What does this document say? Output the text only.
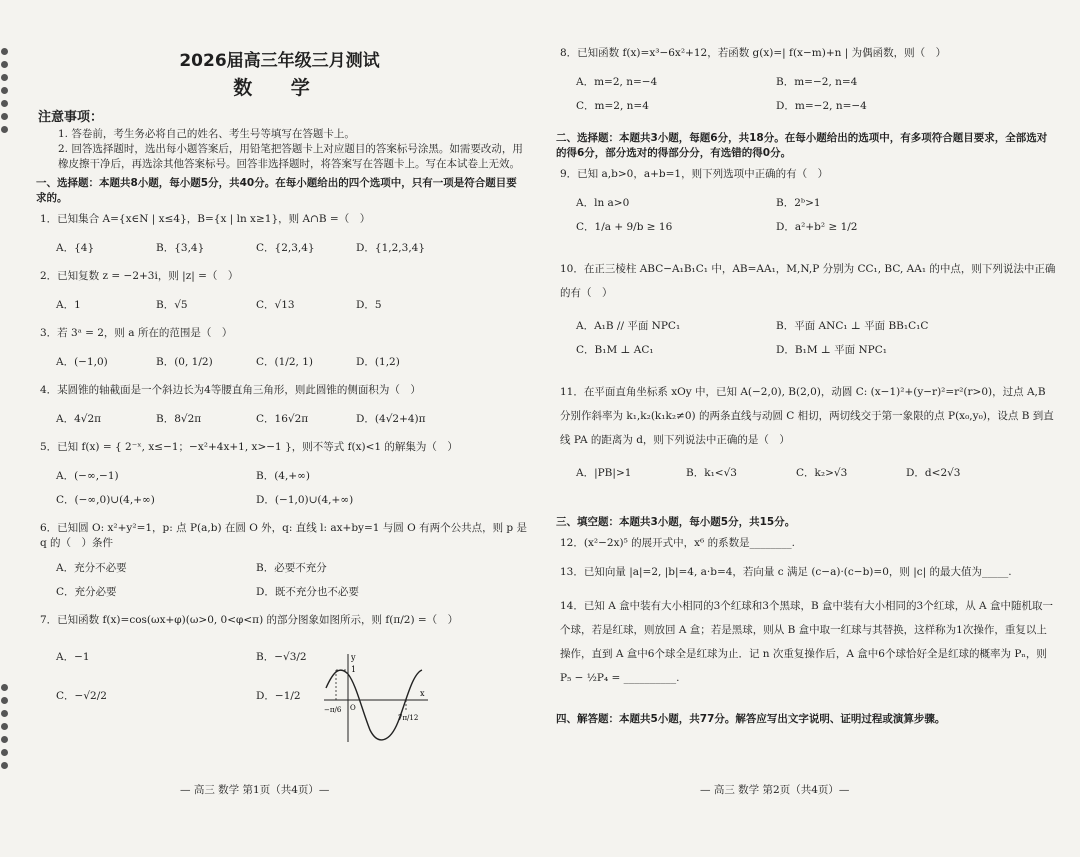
2026届高三年级三月测试
数 学
注意事项：
1. 答卷前，考生务必将自己的姓名、考生号等填写在答题卡上。
2. 回答选择题时，选出每小题答案后，用铅笔把答题卡上对应题目的答案标号涂黑。如需要改动，用橡皮擦干净后，再选涂其他答案标号。回答非选择题时，将答案写在答题卡上。写在本试卷上无效。
一、选择题：本题共8小题，每小题5分，共40分。在每小题给出的四个选项中，只有一项是符合题目要求的。
1．已知集合 A={x∈N | x≤4}，B={x | ln x≥1}，则 A∩B =（　）
A．{4}	B．{3,4}	C．{2,3,4}	D．{1,2,3,4}
2．已知复数 z = −2+3i，则 |z| =（　）
A．1	B．√5	C．√13	D．5
3．若 3ᵃ = 2，则 a 所在的范围是（　）
A．(−1,0)	B．(0, 1/2)	C．(1/2, 1)	D．(1,2)
4．某圆锥的轴截面是一个斜边长为4等腰直角三角形，则此圆锥的侧面积为（　）
A．4√2π	B．8√2π	C．16√2π	D．(4√2+4)π
5．已知 f(x) = { 2⁻ˣ, x≤−1；−x²+4x+1, x>−1 }，则不等式 f(x)<1 的解集为（　）
A．(−∞,−1)	B．(4,+∞)
C．(−∞,0)∪(4,+∞)	D．(−1,0)∪(4,+∞)
6．已知圆 O: x²+y²=1，p: 点 P(a,b) 在圆 O 外，q: 直线 l: ax+by=1 与圆 O 有两个公共点，则 p 是 q 的（　）条件
A．充分不必要	B．必要不充分
C．充分必要	D．既不充分也不必要
7．已知函数 f(x)=cos(ωx+φ)(ω>0, 0<φ<π) 的部分图象如图所示，则 f(π/2) =（　）
A．−1	B．−√3/2
C．−√2/2	D．−1/2
y
1
−π/6 O
7π/12
x
— 高三 数学 第1页（共4页）—
8．已知函数 f(x)=x³−6x²+12，若函数 g(x)=| f(x−m)+n | 为偶函数，则（　）
A．m=2, n=−4	B．m=−2, n=4
C．m=2, n=4	D．m=−2, n=−4
二、选择题：本题共3小题，每题6分，共18分。在每小题给出的选项中，有多项符合题目要求，全部选对的得6分，部分选对的得部分分，有选错的得0分。
9．已知 a,b>0，a+b=1，则下列选项中正确的有（　）
A．ln a>0	B．2ᵇ>1
C．1/a + 9/b ≥ 16	D．a²+b² ≥ 1/2
10．在正三棱柱 ABC−A₁B₁C₁ 中，AB=AA₁，M,N,P 分别为 CC₁, BC, AA₁ 的中点，则下列说法中正确的有（　）
A．A₁B // 平面 NPC₁	B．平面 ANC₁ ⊥ 平面 BB₁C₁C
C．B₁M ⊥ AC₁	D．B₁M ⊥ 平面 NPC₁
11．在平面直角坐标系 xOy 中，已知 A(−2,0), B(2,0)，动圆 C: (x−1)²+(y−r)²=r²(r>0)，过点 A,B 分别作斜率为 k₁,k₂(k₁k₂≠0) 的两条直线与动圆 C 相切，两切线交于第一象限的点 P(x₀,y₀)，设点 B 到直线 PA 的距离为 d，则下列说法中正确的是（　）
A．|PB|>1	B．k₁<√3	C．k₂>√3	D．d<2√3
三、填空题：本题共3小题，每小题5分，共15分。
12．(x²−2x)⁵ 的展开式中，x⁶ 的系数是________.
13．已知向量 |a|=2, |b|=4, a·b=4，若向量 c 满足 (c−a)·(c−b)=0，则 |c| 的最大值为_____.
14．已知 A 盒中装有大小相同的3个红球和3个黑球，B 盒中装有大小相同的3个红球，从 A 盒中随机取一个球，若是红球，则放回 A 盒；若是黑球，则从 B 盒中取一红球与其替换，这样称为1次操作，重复以上操作，直到 A 盒中6个球全是红球为止．记 n 次重复操作后，A 盒中6个球恰好全是红球的概率为 Pₙ，则 P₅ − ½P₄ = __________.
四、解答题：本题共5小题，共77分。解答应写出文字说明、证明过程或演算步骤。
— 高三 数学 第2页（共4页）—
